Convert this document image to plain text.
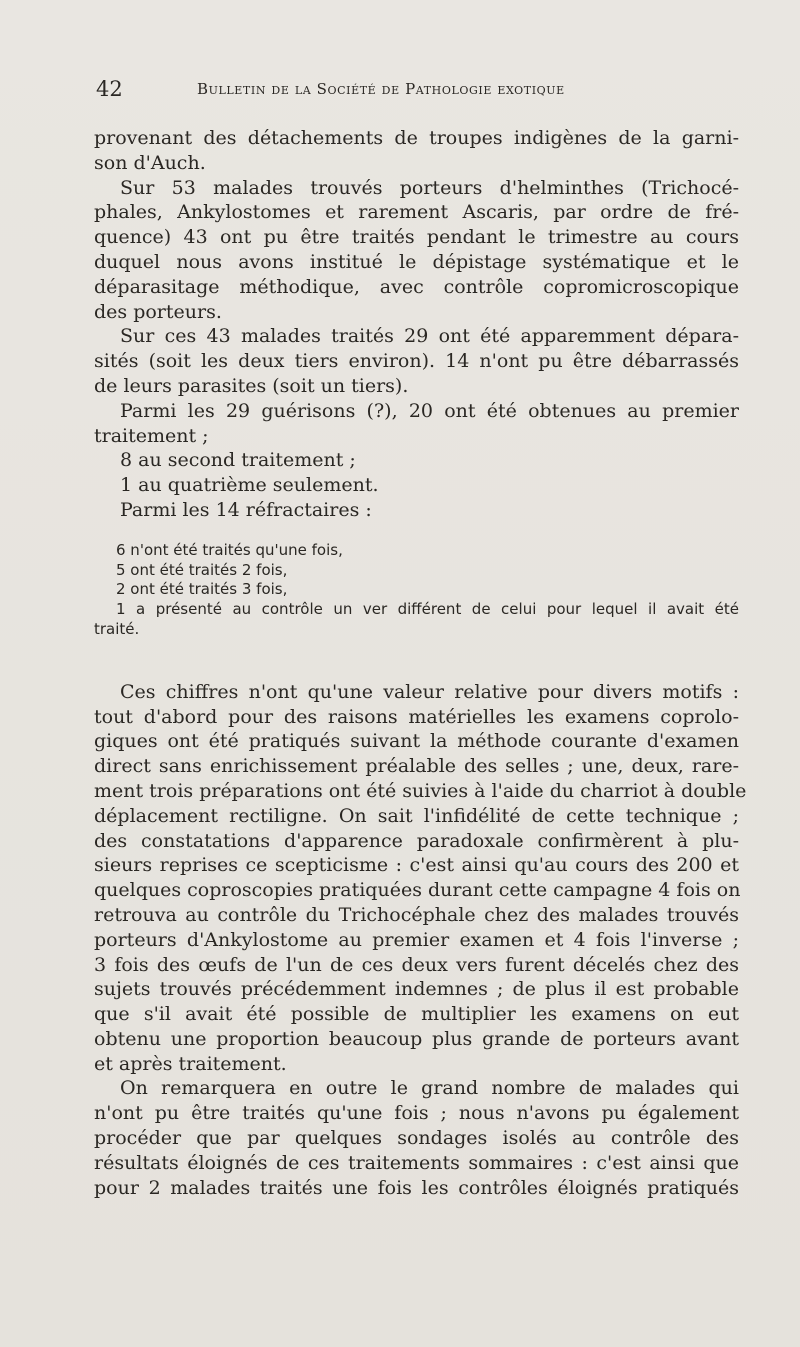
42	Bulletin de la Société de Pathologie exotique
provenant des détachements de troupes indigènes de la garni-
son d'Auch.
Sur 53 malades trouvés porteurs d'helminthes (Trichocé-
phales, Ankylostomes et rarement Ascaris, par ordre de fré-
quence) 43 ont pu être traités pendant le trimestre au cours
duquel nous avons institué le dépistage systématique et le
déparasitage méthodique, avec contrôle copromicroscopique
des porteurs.
Sur ces 43 malades traités 29 ont été apparemment dépara-
sités (soit les deux tiers environ). 14 n'ont pu être débarrassés
de leurs parasites (soit un tiers).
Parmi les 29 guérisons (?), 20 ont été obtenues au premier
traitement ;
8 au second traitement ;
1 au quatrième seulement.
Parmi les 14 réfractaires :
6 n'ont été traités qu'une fois,
5 ont été traités 2 fois,
2 ont été traités 3 fois,
1 a présenté au contrôle un ver différent de celui pour lequel il avait été
traité.
Ces chiffres n'ont qu'une valeur relative pour divers motifs :
tout d'abord pour des raisons matérielles les examens coprolo-
giques ont été pratiqués suivant la méthode courante d'examen
direct sans enrichissement préalable des selles ; une, deux, rare-
ment trois préparations ont été suivies à l'aide du charriot à double
déplacement rectiligne. On sait l'infidélité de cette technique ;
des constatations d'apparence paradoxale confirmèrent à plu-
sieurs reprises ce scepticisme : c'est ainsi qu'au cours des 200 et
quelques coproscopies pratiquées durant cette campagne 4 fois on
retrouva au contrôle du Trichocéphale chez des malades trouvés
porteurs d'Ankylostome au premier examen et 4 fois l'inverse ;
3 fois des œufs de l'un de ces deux vers furent décelés chez des
sujets trouvés précédemment indemnes ; de plus il est probable
que s'il avait été possible de multiplier les examens on eut
obtenu une proportion beaucoup plus grande de porteurs avant
et après traitement.
On remarquera en outre le grand nombre de malades qui
n'ont pu être traités qu'une fois ; nous n'avons pu également
procéder que par quelques sondages isolés au contrôle des
résultats éloignés de ces traitements sommaires : c'est ainsi que
pour 2 malades traités une fois les contrôles éloignés pratiqués
